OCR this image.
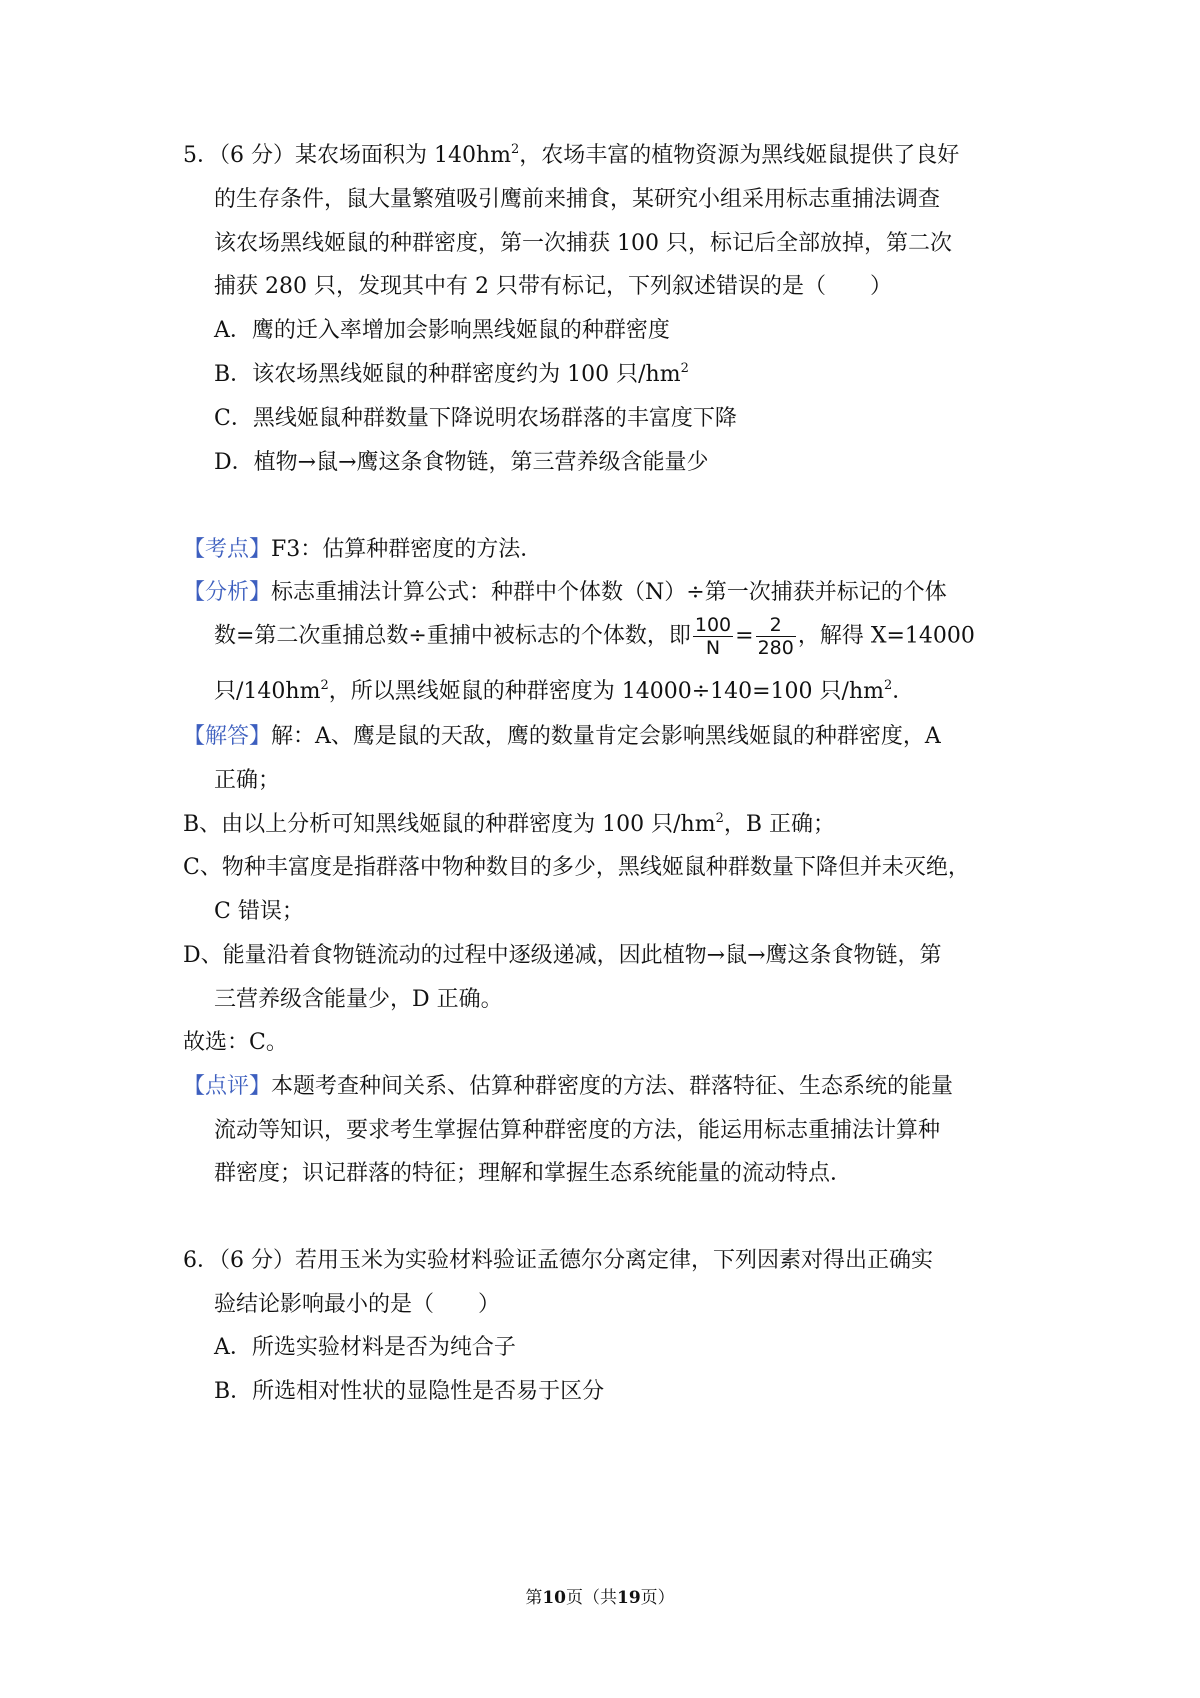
5．（6 分）某农场面积为 $140hm^2$，农场丰富的植物资源为黑线姬鼠提供了良好
的生存条件，鼠大量繁殖吸引鹰前来捕食，某研究小组采用标志重捕法调查
该农场黑线姬鼠的种群密度，第一次捕获 100 只，标记后全部放掉，第二次
捕获 280 只，发现其中有 2 只带有标记，下列叙述错误的是（　　）
A．鹰的迁入率增加会影响黑线姬鼠的种群密度
B．该农场黑线姬鼠的种群密度约为 100 只$/hm^2$
C．黑线姬鼠种群数量下降说明农场群落的丰富度下降
D．植物→鼠→鹰这条食物链，第三营养级含能量少
【考点】F3：估算种群密度的方法．
【分析】标志重捕法计算公式：种群中个体数（N）÷第一次捕获并标记的个体
数=第二次重捕总数÷重捕中被标志的个体数，即 $\frac{100}{N} = \frac{2}{280}$ ，解得 X=14000
只$/140hm^2$，所以黑线姬鼠的种群密度为 14000÷140=100 只$/hm^2$．
【解答】解：A、鹰是鼠的天敌，鹰的数量肯定会影响黑线姬鼠的种群密度，A
正确；
B、由以上分析可知黑线姬鼠的种群密度为 100 只$/hm^2$，B 正确；
C、物种丰富度是指群落中物种数目的多少，黑线姬鼠种群数量下降但并未灭绝，
C 错误；
D、能量沿着食物链流动的过程中逐级递减，因此植物→鼠→鹰这条食物链，第
三营养级含能量少，D 正确。
故选：C。
【点评】本题考查种间关系、估算种群密度的方法、群落特征、生态系统的能量
流动等知识，要求考生掌握估算种群密度的方法，能运用标志重捕法计算种
群密度；识记群落的特征；理解和掌握生态系统能量的流动特点．
6．（6 分）若用玉米为实验材料验证孟德尔分离定律，下列因素对得出正确实
验结论影响最小的是（　　）
A．所选实验材料是否为纯合子
B．所选相对性状的显隐性是否易于区分
第10页（共19页）
